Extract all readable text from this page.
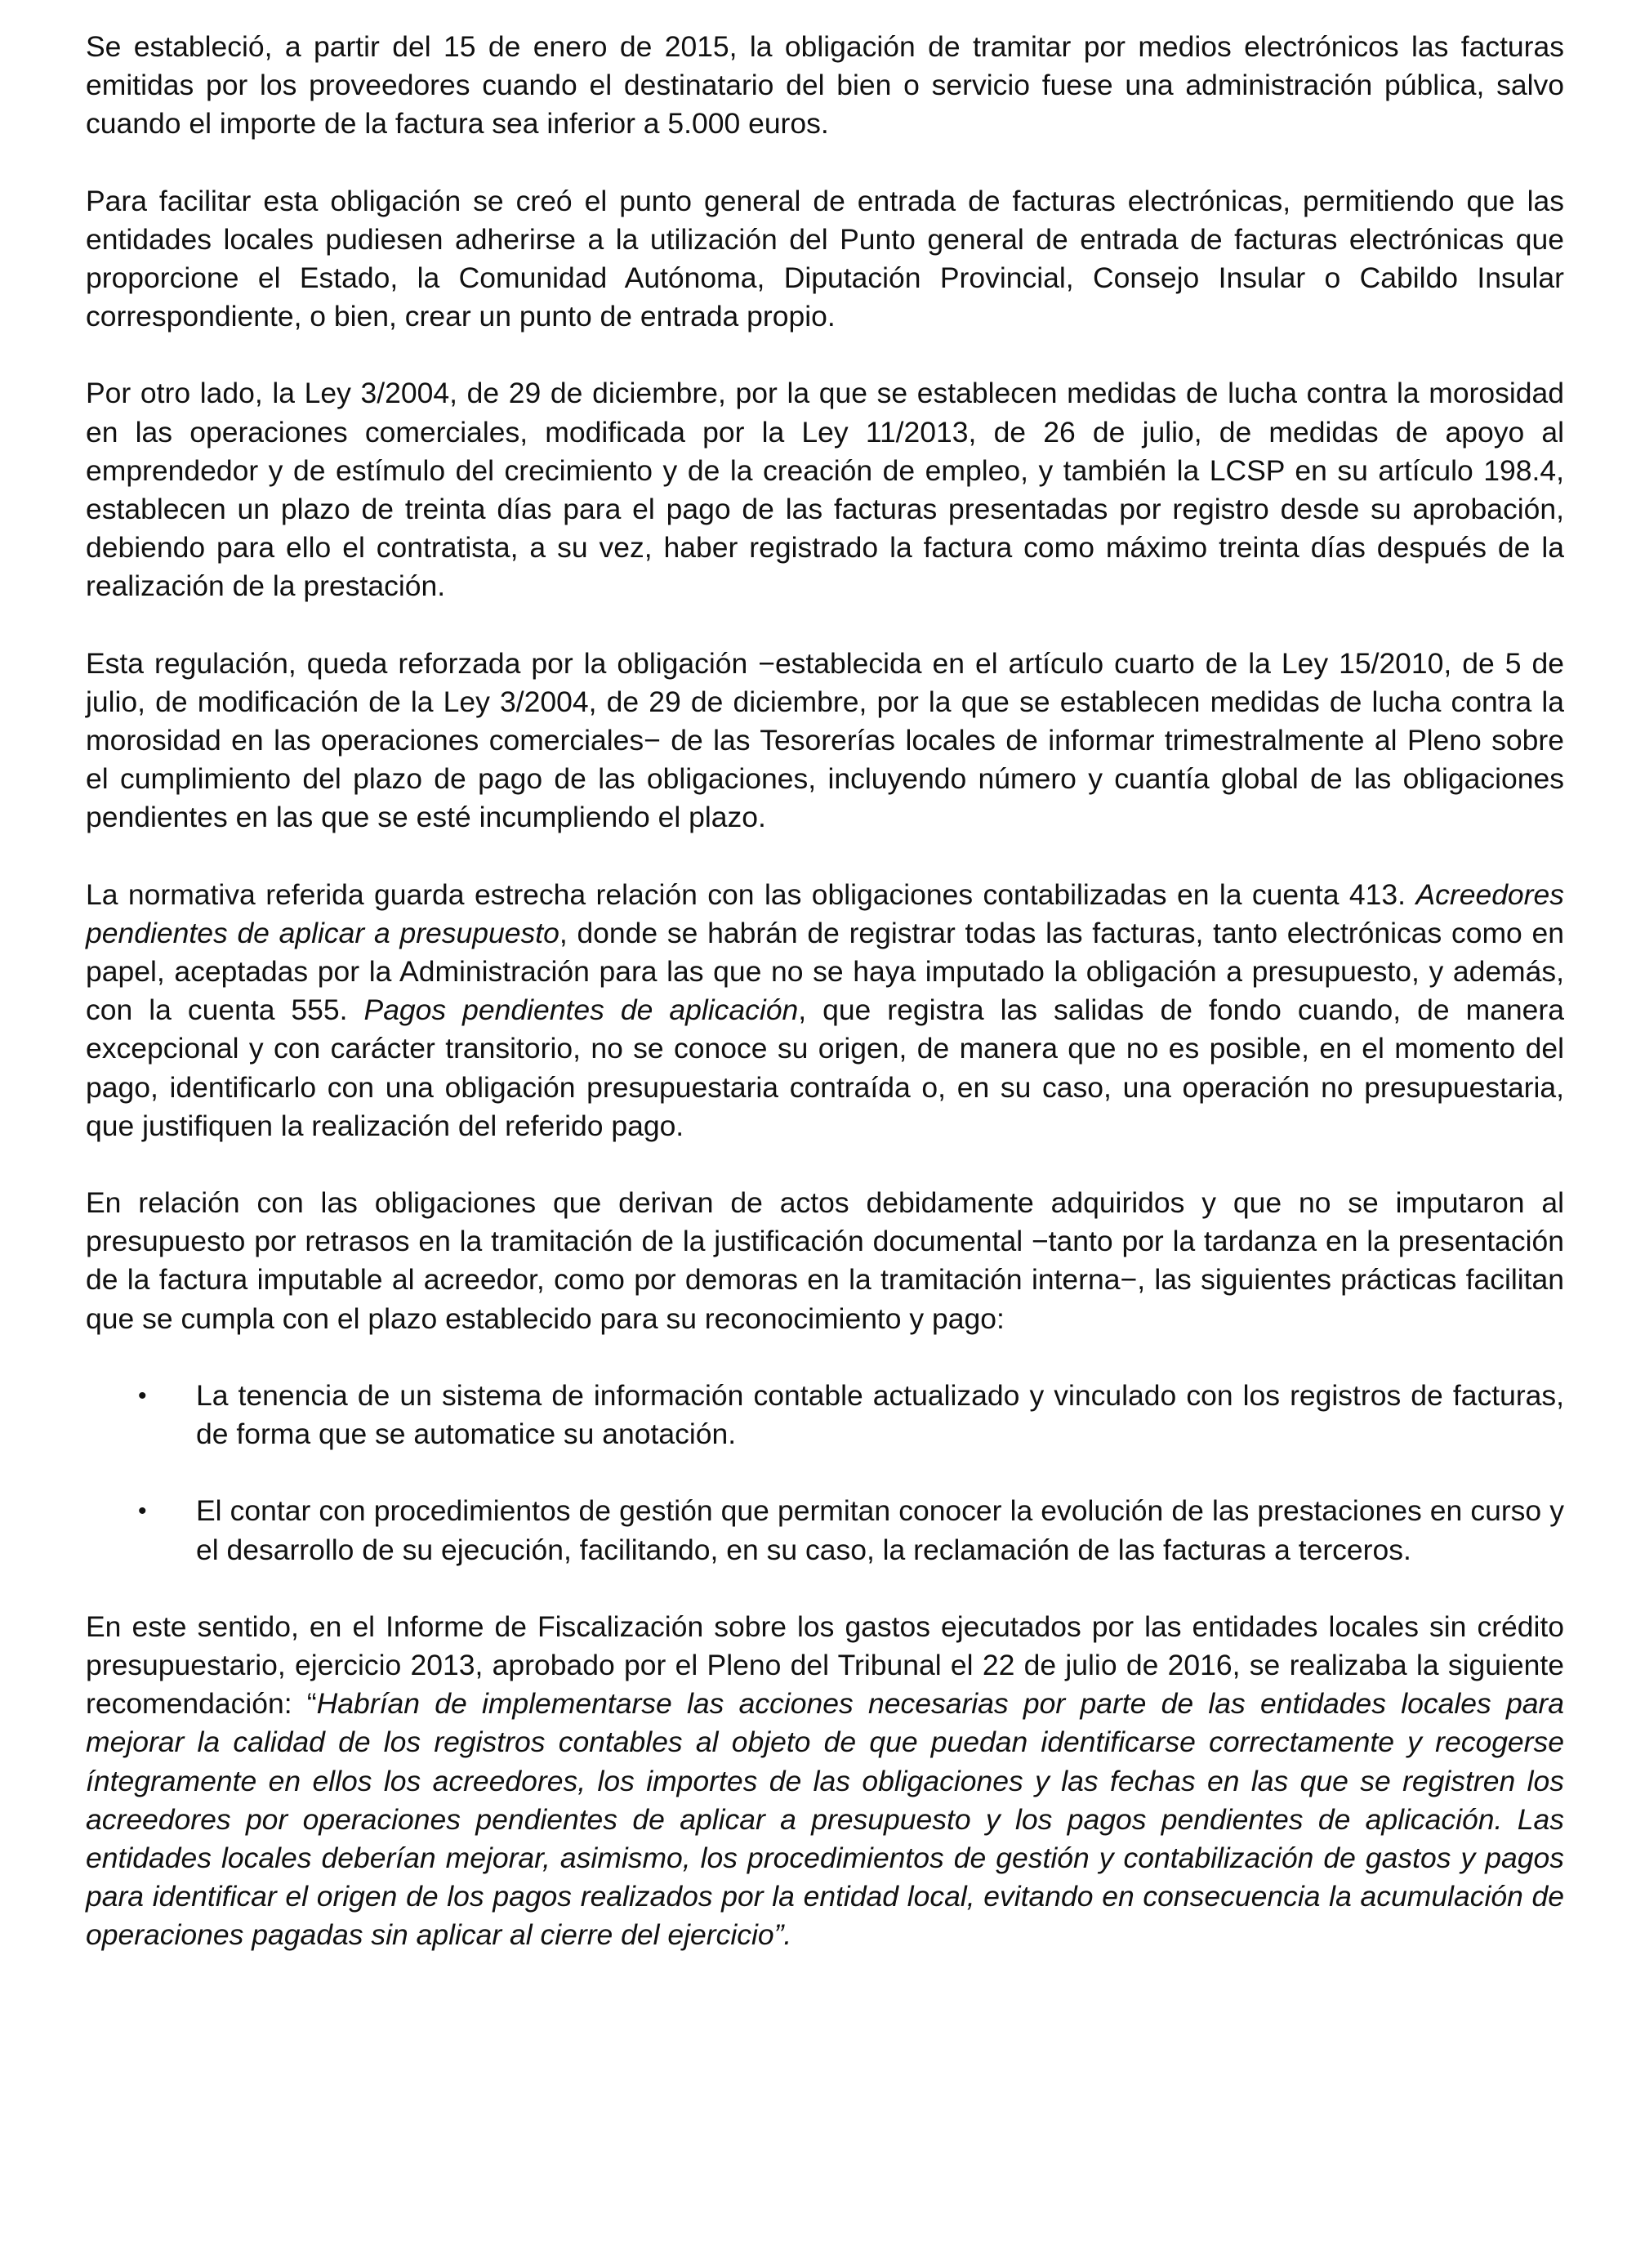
Se estableció, a partir del 15 de enero de 2015, la obligación de tramitar por medios electrónicos las facturas emitidas por los proveedores cuando el destinatario del bien o servicio fuese una administración pública, salvo cuando el importe de la factura sea inferior a 5.000 euros.

Para facilitar esta obligación se creó el punto general de entrada de facturas electrónicas, permitiendo que las entidades locales pudiesen adherirse a la utilización del Punto general de entrada de facturas electrónicas que proporcione el Estado, la Comunidad Autónoma, Diputación Provincial, Consejo Insular o Cabildo Insular correspondiente, o bien, crear un punto de entrada propio.

Por otro lado, la Ley 3/2004, de 29 de diciembre, por la que se establecen medidas de lucha contra la morosidad en las operaciones comerciales, modificada por la Ley 11/2013, de 26 de julio, de medidas de apoyo al emprendedor y de estímulo del crecimiento y de la creación de empleo, y también la LCSP en su artículo 198.4, establecen un plazo de treinta días para el pago de las facturas presentadas por registro desde su aprobación, debiendo para ello el contratista, a su vez, haber registrado la factura como máximo treinta días después de la realización de la prestación.

Esta regulación, queda reforzada por la obligación −establecida en el artículo cuarto de la Ley 15/2010, de 5 de julio, de modificación de la Ley 3/2004, de 29 de diciembre, por la que se establecen medidas de lucha contra la morosidad en las operaciones comerciales− de las Tesorerías locales de informar trimestralmente al Pleno sobre el cumplimiento del plazo de pago de las obligaciones, incluyendo número y cuantía global de las obligaciones pendientes en las que se esté incumpliendo el plazo.

La normativa referida guarda estrecha relación con las obligaciones contabilizadas en la cuenta 413. Acreedores pendientes de aplicar a presupuesto, donde se habrán de registrar todas las facturas, tanto electrónicas como en papel, aceptadas por la Administración para las que no se haya imputado la obligación a presupuesto, y además, con la cuenta 555. Pagos pendientes de aplicación, que registra las salidas de fondo cuando, de manera excepcional y con carácter transitorio, no se conoce su origen, de manera que no es posible, en el momento del pago, identificarlo con una obligación presupuestaria contraída o, en su caso, una operación no presupuestaria, que justifiquen la realización del referido pago.

En relación con las obligaciones que derivan de actos debidamente adquiridos y que no se imputaron al presupuesto por retrasos en la tramitación de la justificación documental −tanto por la tardanza en la presentación de la factura imputable al acreedor, como por demoras en la tramitación interna−, las siguientes prácticas facilitan que se cumpla con el plazo establecido para su reconocimiento y pago:

• La tenencia de un sistema de información contable actualizado y vinculado con los registros de facturas, de forma que se automatice su anotación.
• El contar con procedimientos de gestión que permitan conocer la evolución de las prestaciones en curso y el desarrollo de su ejecución, facilitando, en su caso, la reclamación de las facturas a terceros.

En este sentido, en el Informe de Fiscalización sobre los gastos ejecutados por las entidades locales sin crédito presupuestario, ejercicio 2013, aprobado por el Pleno del Tribunal el 22 de julio de 2016, se realizaba la siguiente recomendación: “Habrían de implementarse las acciones necesarias por parte de las entidades locales para mejorar la calidad de los registros contables al objeto de que puedan identificarse correctamente y recogerse íntegramente en ellos los acreedores, los importes de las obligaciones y las fechas en las que se registren los acreedores por operaciones pendientes de aplicar a presupuesto y los pagos pendientes de aplicación. Las entidades locales deberían mejorar, asimismo, los procedimientos de gestión y contabilización de gastos y pagos para identificar el origen de los pagos realizados por la entidad local, evitando en consecuencia la acumulación de operaciones pagadas sin aplicar al cierre del ejercicio”.
